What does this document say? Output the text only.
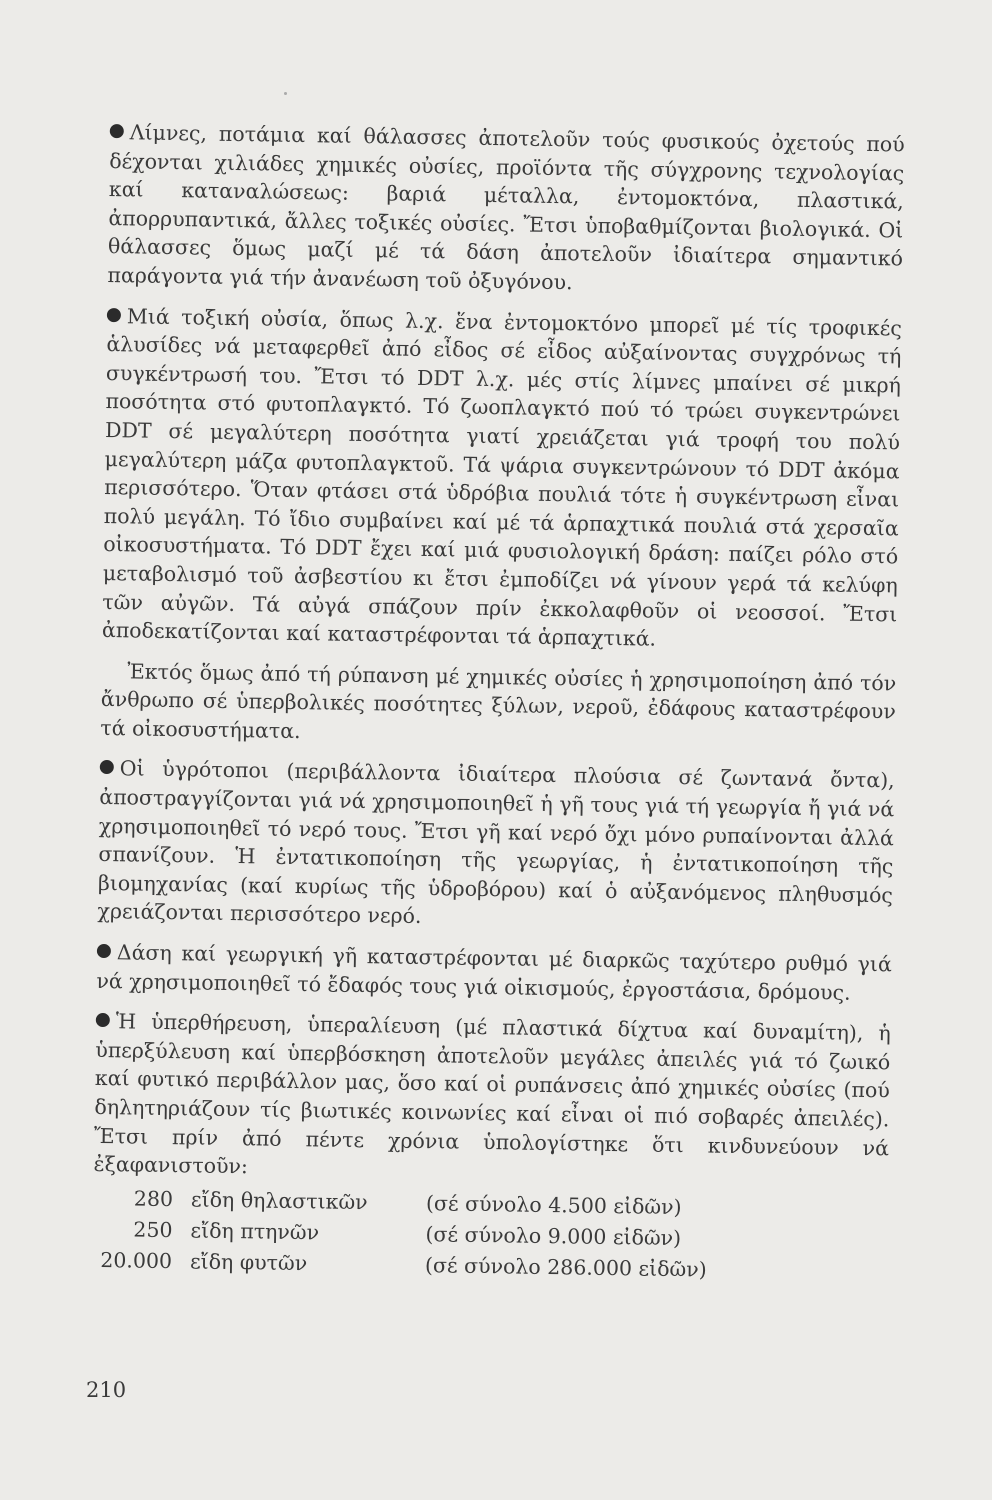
Λίμνες, ποτάμια καί θάλασσες ἀποτελοῦν τούς φυσικούς ὀχετούς πού δέχονται χιλιάδες χημικές οὐσίες, προϊόντα τῆς σύγχρονης τεχνολογίας καί καταναλώσεως: βαριά μέταλλα, ἐντομοκτόνα, πλαστικά, ἀπορρυπαντικά, ἄλλες τοξικές οὐσίες. Ἔτσι ὑποβαθμίζονται βιολογικά. Οἱ θάλασσες ὅμως μαζί μέ τά δάση ἀποτελοῦν ἰδιαίτερα σημαντικό παράγοντα γιά τήν ἀνανέωση τοῦ ὀξυγόνου.

Μιά τοξική οὐσία, ὅπως λ.χ. ἕνα ἐντομοκτόνο μπορεῖ μέ τίς τροφικές ἁλυσίδες νά μεταφερθεῖ ἀπό εἶδος σέ εἶδος αὐξαίνοντας συγχρόνως τή συγκέντρωσή του. Ἔτσι τό DDT λ.χ. μές στίς λίμνες μπαίνει σέ μικρή ποσότητα στό φυτοπλαγκτό. Τό ζωοπλαγκτό πού τό τρώει συγκεντρώνει DDT σέ μεγαλύτερη ποσότητα γιατί χρειάζεται γιά τροφή του πολύ μεγαλύτερη μάζα φυτοπλαγκτοῦ. Τά ψάρια συγκεντρώνουν τό DDT ἀκόμα περισσότερο. Ὅταν φτάσει στά ὑδρόβια πουλιά τότε ἡ συγκέντρωση εἶναι πολύ μεγάλη. Τό ἴδιο συμβαίνει καί μέ τά ἁρπαχτικά πουλιά στά χερσαῖα οἰκοσυστήματα. Τό DDT ἔχει καί μιά φυσιολογική δράση: παίζει ρόλο στό μεταβολισμό τοῦ ἀσβεστίου κι ἔτσι ἐμποδίζει νά γίνουν γερά τά κελύφη τῶν αὐγῶν. Τά αὐγά σπάζουν πρίν ἐκκολαφθοῦν οἱ νεοσσοί. Ἔτσι ἀποδεκατίζονται καί καταστρέφονται τά ἁρπαχτικά.

Ἐκτός ὅμως ἀπό τή ρύπανση μέ χημικές οὐσίες ἡ χρησιμοποίηση ἀπό τόν ἄνθρωπο σέ ὑπερβολικές ποσότητες ξύλων, νεροῦ, ἐδάφους καταστρέφουν τά οἰκοσυστήματα.

Οἱ ὑγρότοποι (περιβάλλοντα ἰδιαίτερα πλούσια σέ ζωντανά ὄντα), ἀποστραγγίζονται γιά νά χρησιμοποιηθεῖ ἡ γῆ τους γιά τή γεωργία ἤ γιά νά χρησιμοποιηθεῖ τό νερό τους. Ἔτσι γῆ καί νερό ὄχι μόνο ρυπαίνονται ἀλλά σπανίζουν. Ἡ ἐντατικοποίηση τῆς γεωργίας, ἡ ἐντατικοποίηση τῆς βιομηχανίας (καί κυρίως τῆς ὑδροβόρου) καί ὁ αὐξανόμενος πληθυσμός χρειάζονται περισσότερο νερό.

Δάση καί γεωργική γῆ καταστρέφονται μέ διαρκῶς ταχύτερο ρυθμό γιά νά χρησιμοποιηθεῖ τό ἔδαφός τους γιά οἰκισμούς, ἐργοστάσια, δρόμους.

Ἡ ὑπερθήρευση, ὑπεραλίευση (μέ πλαστικά δίχτυα καί δυναμίτη), ἡ ὑπερξύλευση καί ὑπερβόσκηση ἀποτελοῦν μεγάλες ἀπειλές γιά τό ζωικό καί φυτικό περιβάλλον μας, ὅσο καί οἱ ρυπάνσεις ἀπό χημικές οὐσίες (πού δηλητηριάζουν τίς βιωτικές κοινωνίες καί εἶναι οἱ πιό σοβαρές ἀπειλές). Ἔτσι πρίν ἀπό πέντε χρόνια ὑπολογίστηκε ὅτι κινδυνεύουν νά ἐξαφανιστοῦν:

280 εἴδη θηλαστικῶν	(σέ σύνολο 4.500 εἰδῶν)
250 εἴδη πτηνῶν	(σέ σύνολο 9.000 εἰδῶν)
20.000 εἴδη φυτῶν	(σέ σύνολο 286.000 εἰδῶν)
210
